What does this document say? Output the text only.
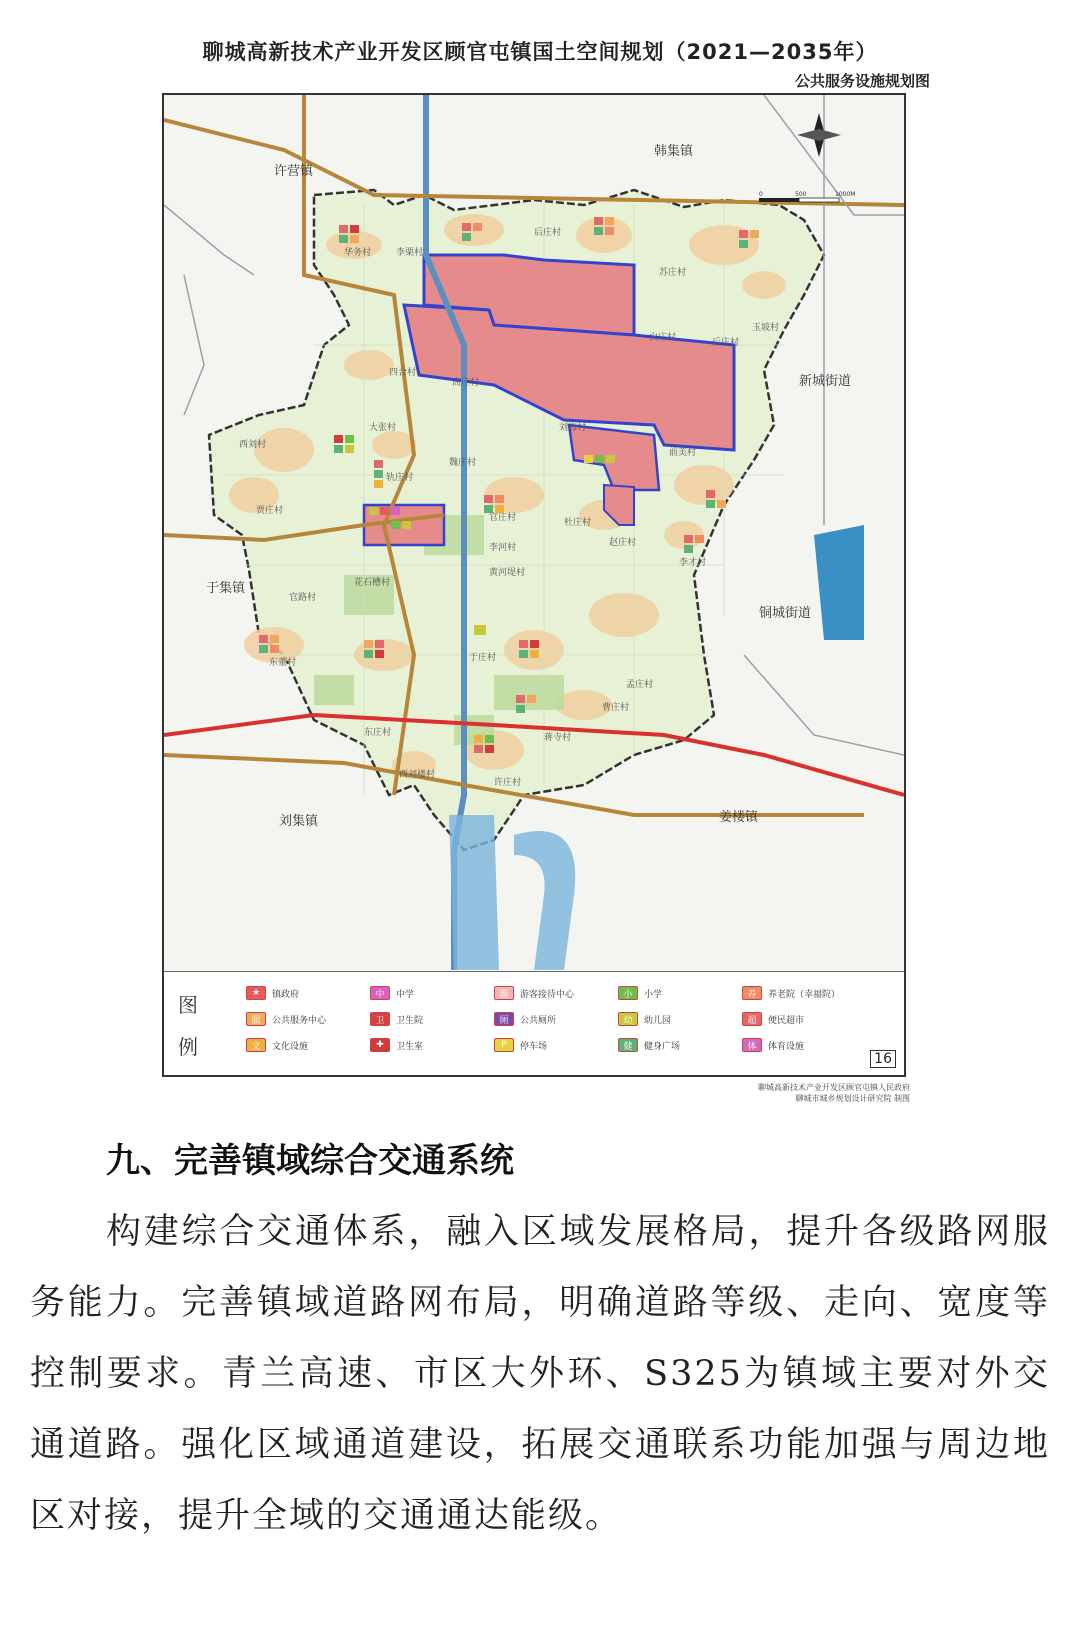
聊城高新技术产业开发区顾官屯镇国土空间规划（2021—2035年）
公共服务设施规划图
许营镇
韩集镇
新城街道
于集镇
铜城街道
刘集镇	姜楼镇
华务村	李栗村
后庄村
苏庄村
玉坡村
白庄村	后庄村
四合村
高庄村
西刘村
大张村	刘海村
前美村
魏庄村
轨庄村
贾庄村
官庄村
赵庄村
杜庄村
李河村
花石槽村
黄河堤村
官路村
李才村
东董村	于庄村
孟庄村
曹庄村
东庄村	蒋寺村
许庄村
西刘楼村
0	500	1000M
图例
★	镇政府	中	中学	游	游客接待中心	小	小学	养	养老院（幸福院）
服	公共服务中心	卫	卫生院	厕	公共厕所	幼	幼儿园	超	便民超市
文	文化设施	✚	卫生室	P	停车场	健	健身广场	体	体育设施
16
聊城高新技术产业开发区顾官屯镇人民政府
聊城市城乡规划设计研究院 制图
九、完善镇域综合交通系统
构建综合交通体系，融入区域发展格局，提升各级路网服务能力。完善镇域道路网布局，明确道路等级、走向、宽度等控制要求。青兰高速、市区大外环、S325为镇域主要对外交通道路。强化区域通道建设，拓展交通联系功能加强与周边地区对接，提升全域的交通通达能级。
